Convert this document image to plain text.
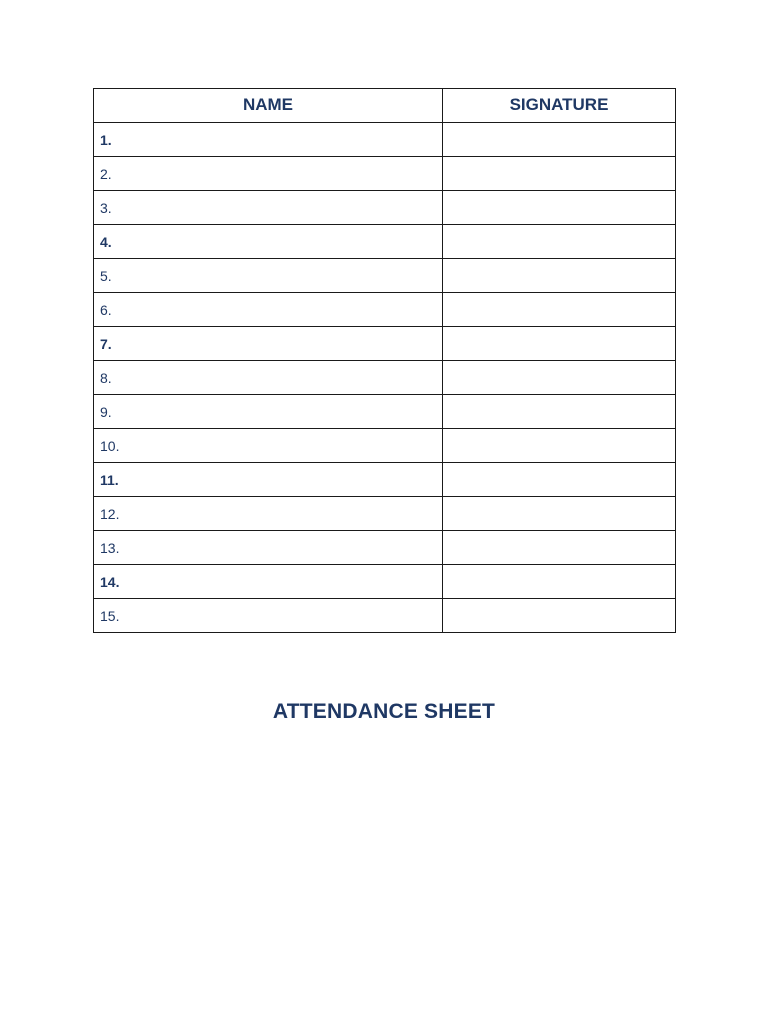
NAME	SIGNATURE
1.	
2.	
3.	
4.	
5.	
6.	
7.	
8.	
9.	
10.	
11.	
12.	
13.	
14.	
15.	
ATTENDANCE SHEET
